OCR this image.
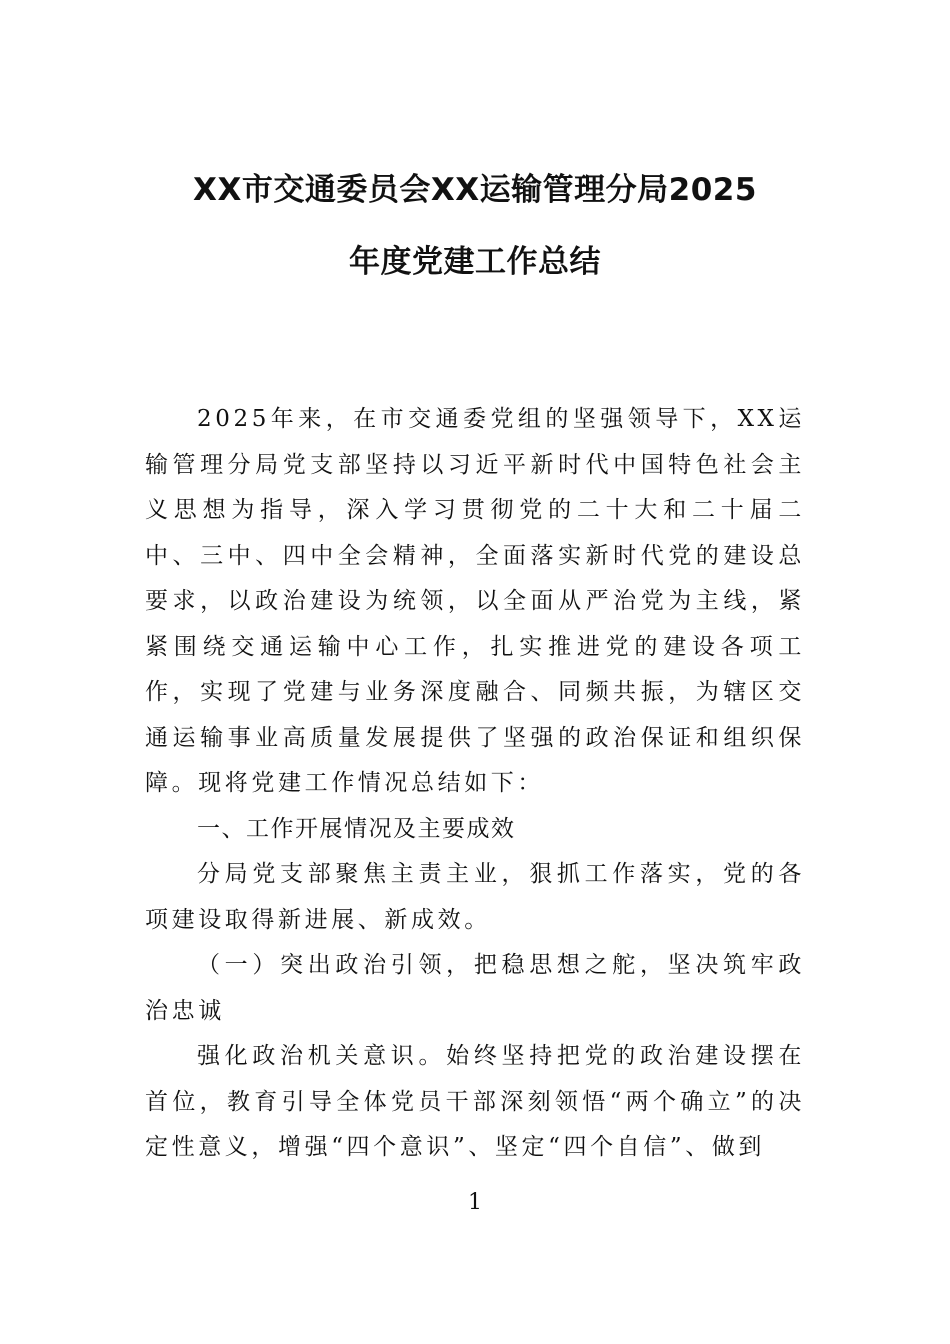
XX市交通委员会XX运输管理分局2025
年度党建工作总结

2025年来，在市交通委党组的坚强领导下，XX运输管理分局党支部坚持以习近平新时代中国特色社会主义思想为指导，深入学习贯彻党的二十大和二十届二中、三中、四中全会精神，全面落实新时代党的建设总要求，以政治建设为统领，以全面从严治党为主线，紧紧围绕交通运输中心工作，扎实推进党的建设各项工作，实现了党建与业务深度融合、同频共振，为辖区交通运输事业高质量发展提供了坚强的政治保证和组织保障。现将党建工作情况总结如下：

一、工作开展情况及主要成效

分局党支部聚焦主责主业，狠抓工作落实，党的各项建设取得新进展、新成效。

（一）突出政治引领，把稳思想之舵，坚决筑牢政治忠诚

强化政治机关意识。始终坚持把党的政治建设摆在首位，教育引导全体党员干部深刻领悟“两个确立”的决定性意义，增强“四个意识”、坚定“四个自信”、做到

1
